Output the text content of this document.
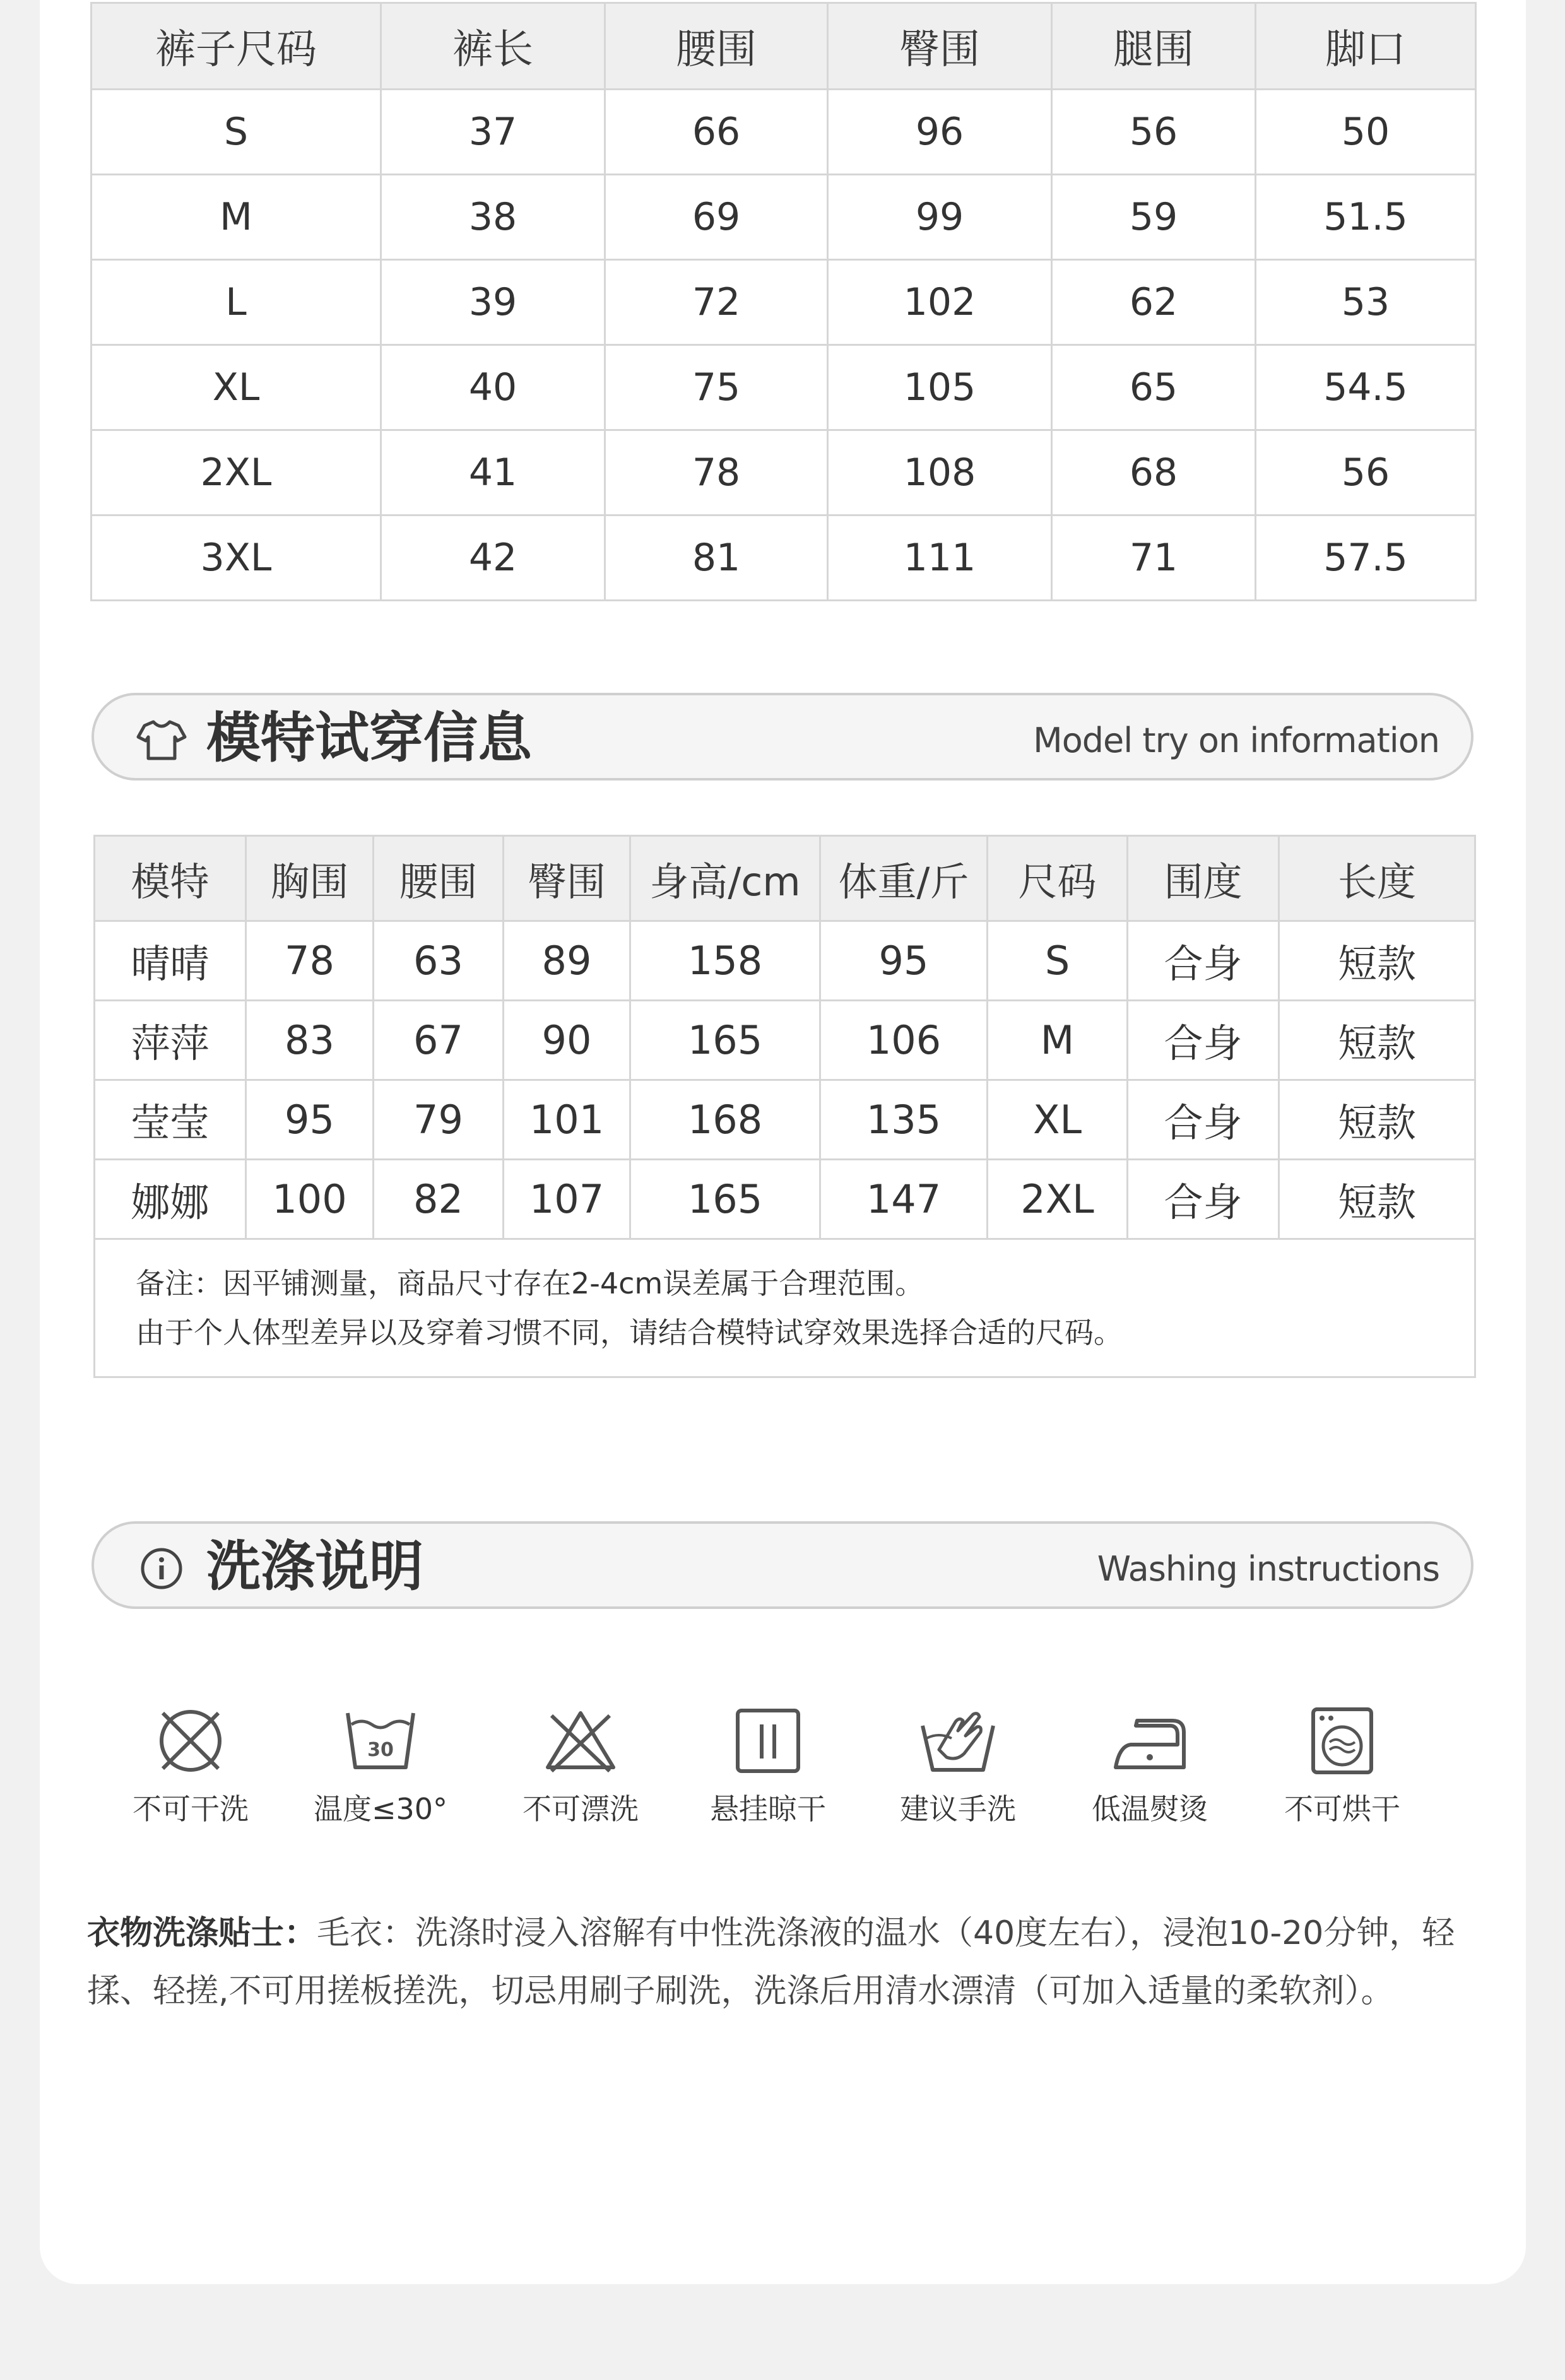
裤子尺码	裤长	腰围	臀围	腿围	脚口
S	37	66	96	56	50
M	38	69	99	59	51.5
L	39	72	102	62	53
XL	40	75	105	65	54.5
2XL	41	78	108	68	56
3XL	42	81	111	71	57.5
模特试穿信息	Model try on information
模特	胸围	腰围	臀围	身高/cm	体重/斤	尺码	围度	长度
晴晴	78	63	89	158	95	S	合身	短款
萍萍	83	67	90	165	106	M	合身	短款
莹莹	95	79	101	168	135	XL	合身	短款
娜娜	100	82	107	165	147	2XL	合身	短款

备注：因平铺测量，商品尺寸存在2-4cm误差属于合理范围。
由于个人体型差异以及穿着习惯不同，请结合模特试穿效果选择合适的尺码。								
洗涤说明	Washing instructions
不可干洗
30
温度≤30°	不可漂洗	悬挂晾干	建议手洗	低温熨烫	不可烘干
衣物洗涤贴士：毛衣：洗涤时浸入溶解有中性洗涤液的温水（40度左右），浸泡10-20分钟，轻揉、轻搓,不可用搓板搓洗，切忌用刷子刷洗，洗涤后用清水漂清（可加入适量的柔软剂）。
